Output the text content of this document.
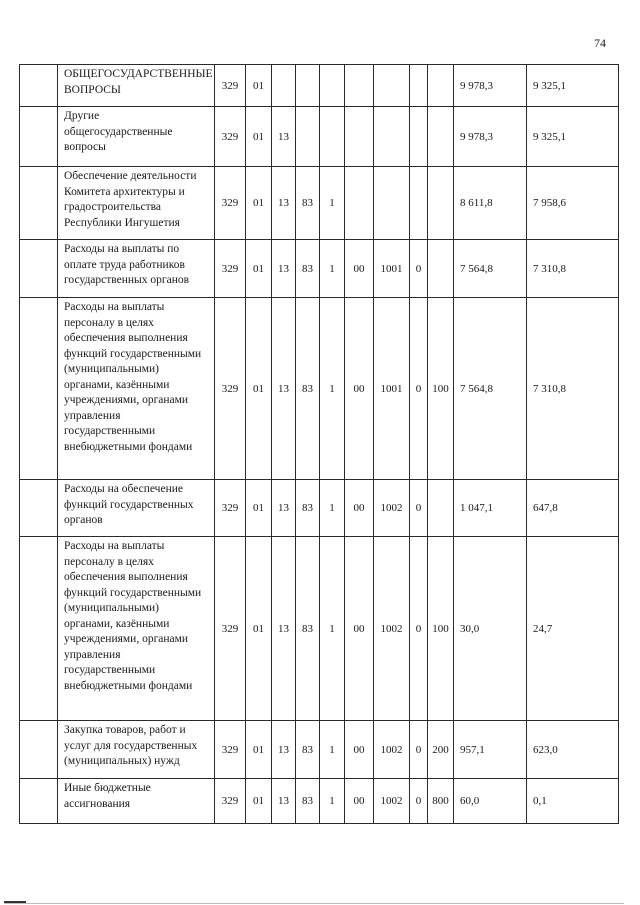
74
	ОБЩЕГОСУДАРСТВЕННЫЕ ВОПРОСЫ	329	01								9 978,3	9 325,1
	Другие общегосударственные вопросы	329	01	13							9 978,3	9 325,1
	Обеспечение деятельности Комитета архитектуры и градостроительства Республики Ингушетия	329	01	13	83	1					8 611,8	7 958,6
	Расходы на выплаты по оплате труда работников государственных органов	329	01	13	83	1	00	1001	0		7 564,8	7 310,8
	Расходы на выплаты персоналу в целях обеспечения выполнения функций государственными (муниципальными) органами, казёнными учреждениями, органами управления государственными внебюджетными фондами	329	01	13	83	1	00	1001	0	100	7 564,8	7 310,8
	Расходы на обеспечение функций государственных органов	329	01	13	83	1	00	1002	0		1 047,1	647,8
	Расходы на выплаты персоналу в целях обеспечения выполнения функций государственными (муниципальными) органами, казёнными учреждениями, органами управления государственными внебюджетными фондами	329	01	13	83	1	00	1002	0	100	30,0	24,7
	Закупка товаров, работ и услуг для государственных (муниципальных) нужд	329	01	13	83	1	00	1002	0	200	957,1	623,0
	Иные бюджетные ассигнования	329	01	13	83	1	00	1002	0	800	60,0	0,1
